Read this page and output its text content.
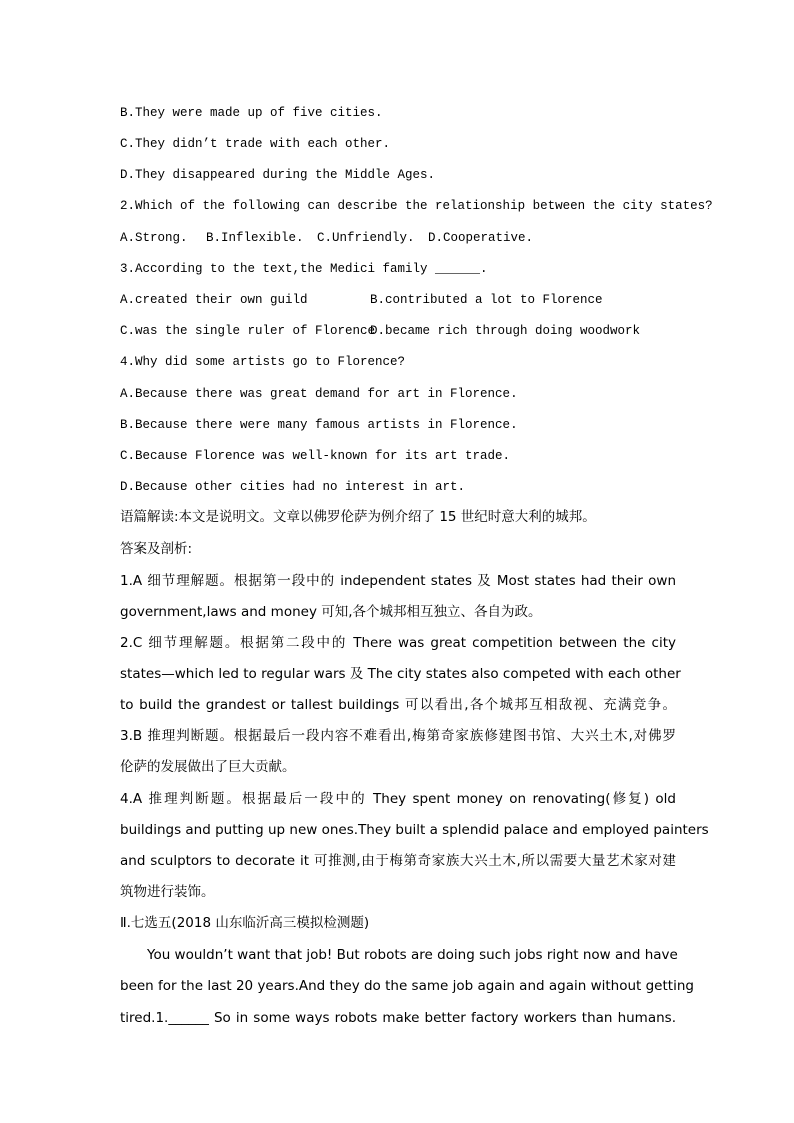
B.They were made up of five cities.
C.They didn’t trade with each other.
D.They disappeared during the Middle Ages.
2.Which of the following can describe the relationship between the city states?
A.Strong. B.Inflexible. C.Unfriendly. D.Cooperative.
3.According to the text,the Medici family ______.
A.created their own guild	B.contributed a lot to Florence
C.was the single ruler of FlorenceD.became rich through doing woodwork
4.Why did some artists go to Florence?
A.Because there was great demand for art in Florence.
B.Because there were many famous artists in Florence.
C.Because Florence was well-known for its art trade.
D.Because other cities had no interest in art.
语篇解读:本文是说明文。文章以佛罗伦萨为例介绍了 15 世纪时意大利的城邦。
答案及剖析:
1.A 细节理解题。根据第一段中的 independent states 及 Most states had their own
government,laws and money 可知,各个城邦相互独立、各自为政。
2.C 细节理解题。根据第二段中的 There was great competition between the city
states—which led to regular wars 及 The city states also competed with each other
to build the grandest or tallest buildings 可以看出,各个城邦互相敌视、充满竞争。
3.B 推理判断题。根据最后一段内容不难看出,梅第奇家族修建图书馆、大兴土木,对佛罗
伦萨的发展做出了巨大贡献。
4.A 推理判断题。根据最后一段中的 They spent money on renovating(修复) old
buildings and putting up new ones.They built a splendid palace and employed painters
and sculptors to decorate it 可推测,由于梅第奇家族大兴土木,所以需要大量艺术家对建
筑物进行装饰。
Ⅱ.七选五(2018 山东临沂高三模拟检测题)
You wouldn’t want that job! But robots are doing such jobs right now and have
been for the last 20 years.And they do the same job again and again without getting
tired.1.______ So in some ways robots make better factory workers than humans.
